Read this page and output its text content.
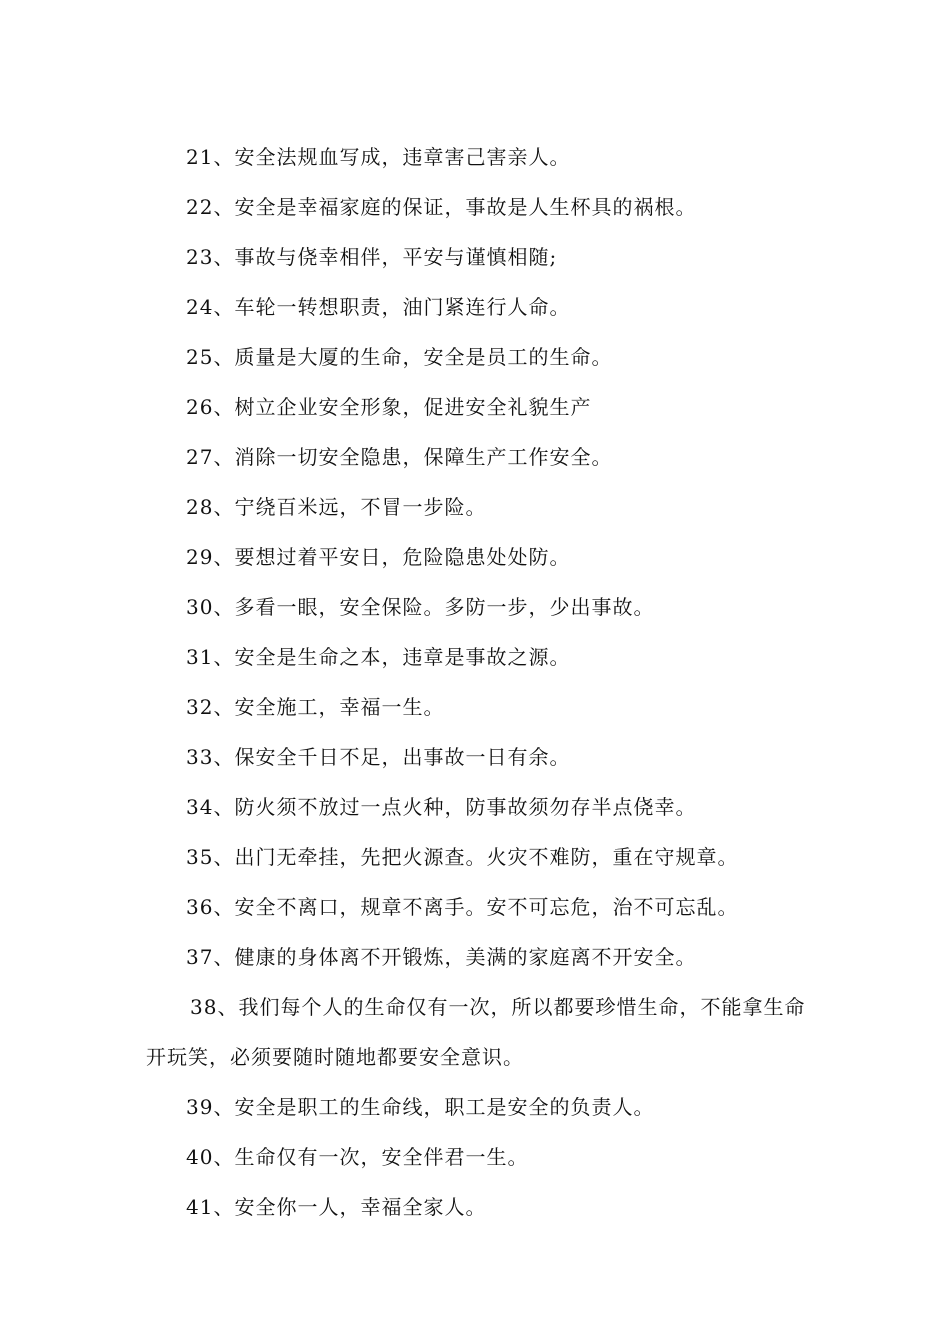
21、安全法规血写成，违章害己害亲人。
22、安全是幸福家庭的保证，事故是人生杯具的祸根。
23、事故与侥幸相伴，平安与谨慎相随;
24、车轮一转想职责，油门紧连行人命。
25、质量是大厦的生命，安全是员工的生命。
26、树立企业安全形象，促进安全礼貌生产
27、消除一切安全隐患，保障生产工作安全。
28、宁绕百米远，不冒一步险。
29、要想过着平安日，危险隐患处处防。
30、多看一眼，安全保险。多防一步，少出事故。
31、安全是生命之本，违章是事故之源。
32、安全施工，幸福一生。
33、保安全千日不足，出事故一日有余。
34、防火须不放过一点火种，防事故须勿存半点侥幸。
35、出门无牵挂，先把火源查。火灾不难防，重在守规章。
36、安全不离口，规章不离手。安不可忘危，治不可忘乱。
37、健康的身体离不开锻炼，美满的家庭离不开安全。
38、我们每个人的生命仅有一次，所以都要珍惜生命，不能拿生命开玩笑，必须要随时随地都要安全意识。
39、安全是职工的生命线，职工是安全的负责人。
40、生命仅有一次，安全伴君一生。
41、安全你一人，幸福全家人。
